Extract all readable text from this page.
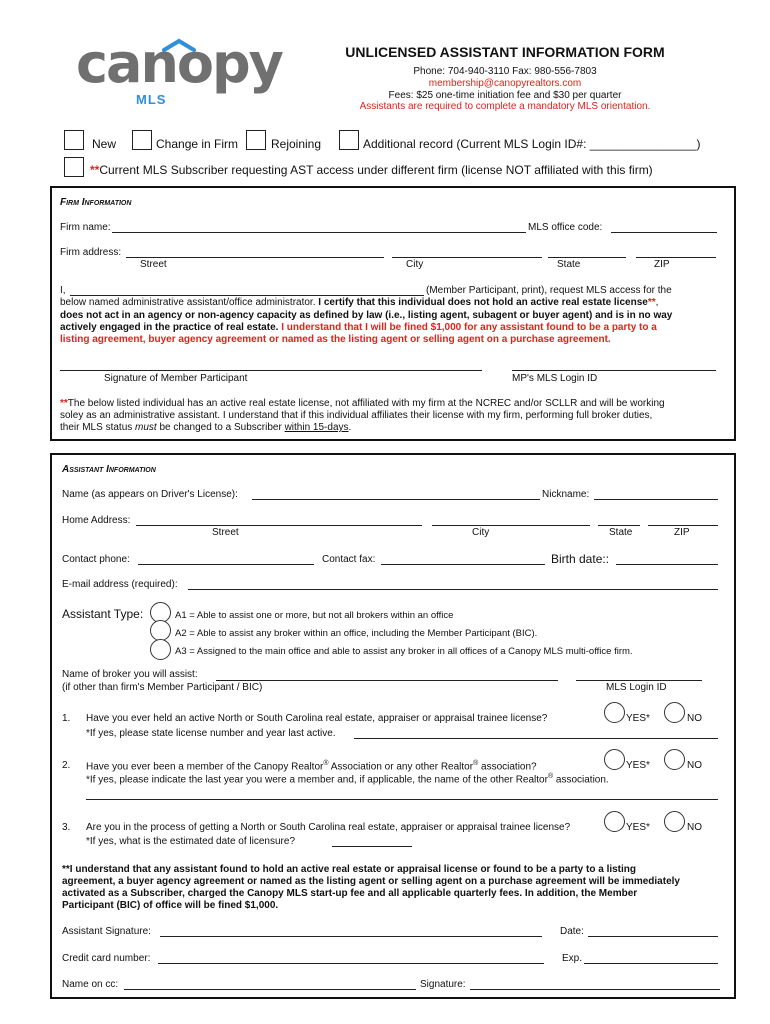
canopy
MLS
UNLICENSED ASSISTANT INFORMATION FORM
Phone: 704-940-3110 Fax: 980-556-7803
membership@canopyrealtors.com
Fees: $25 one-time initiation fee and $30 per quarter
Assistants are required to complete a mandatory MLS orientation.
New	Change in Firm	Rejoining	Additional record (Current MLS Login ID#: ________________)
**Current MLS Subscriber requesting AST access under different firm (license NOT affiliated with this firm)
Firm Information
Firm name:	MLS office code:
Firm address:
Street	City	State	ZIP
I,	(Member Participant, print), request MLS access for the
below named administrative assistant/office administrator. I certify that this individual does not hold an active real estate license**,
does not act in an agency or non-agency capacity as defined by law (i.e., listing agent, subagent or buyer agent) and is in no way
actively engaged in the practice of real estate. I understand that I will be fined $1,000 for any assistant found to be a party to a
listing agreement, buyer agency agreement or named as the listing agent or selling agent on a purchase agreement.
Signature of Member Participant	MP's MLS Login ID
**The below listed individual has an active real estate license, not affiliated with my firm at the NCREC and/or SCLLR and will be working
soley as an administrative assistant. I understand that if this individual affiliates their license with my firm, performing full broker duties,
their MLS status must be changed to a Subscriber within 15-days.
Assistant Information
Name (as appears on Driver's License):	Nickname:
Home Address:
Street	City	State	ZIP
Contact phone:	Contact fax:	Birth date::
E-mail address (required):
Assistant Type:	A1 = Able to assist one or more, but not all brokers within an office
A2 = Able to assist any broker within an office, including the Member Participant (BIC).
A3 = Assigned to the main office and able to assist any broker in all offices of a Canopy MLS multi-office firm.
Name of broker you will assist:
(if other than firm's Member Participant / BIC)	MLS Login ID
1. Have you ever held an active North or South Carolina real estate, appraiser or appraisal trainee license?	YES*	NO
*If yes, please state license number and year last active.
2. Have you ever been a member of the Canopy Realtor® Association or any other Realtor® association?	YES*	NO
*If yes, please indicate the last year you were a member and, if applicable, the name of the other Realtor® association.
3. Are you in the process of getting a North or South Carolina real estate, appraiser or appraisal trainee license?	YES*	NO
*If yes, what is the estimated date of licensure?
**I understand that any assistant found to hold an active real estate or appraisal license or found to be a party to a listing
agreement, a buyer agency agreement or named as the listing agent or selling agent on a purchase agreement will be immediately
activated as a Subscriber, charged the Canopy MLS start-up fee and all applicable quarterly fees. In addition, the Member
Participant (BIC) of office will be fined $1,000.
Assistant Signature:	Date:
Credit card number:	Exp.
Name on cc:	Signature:
